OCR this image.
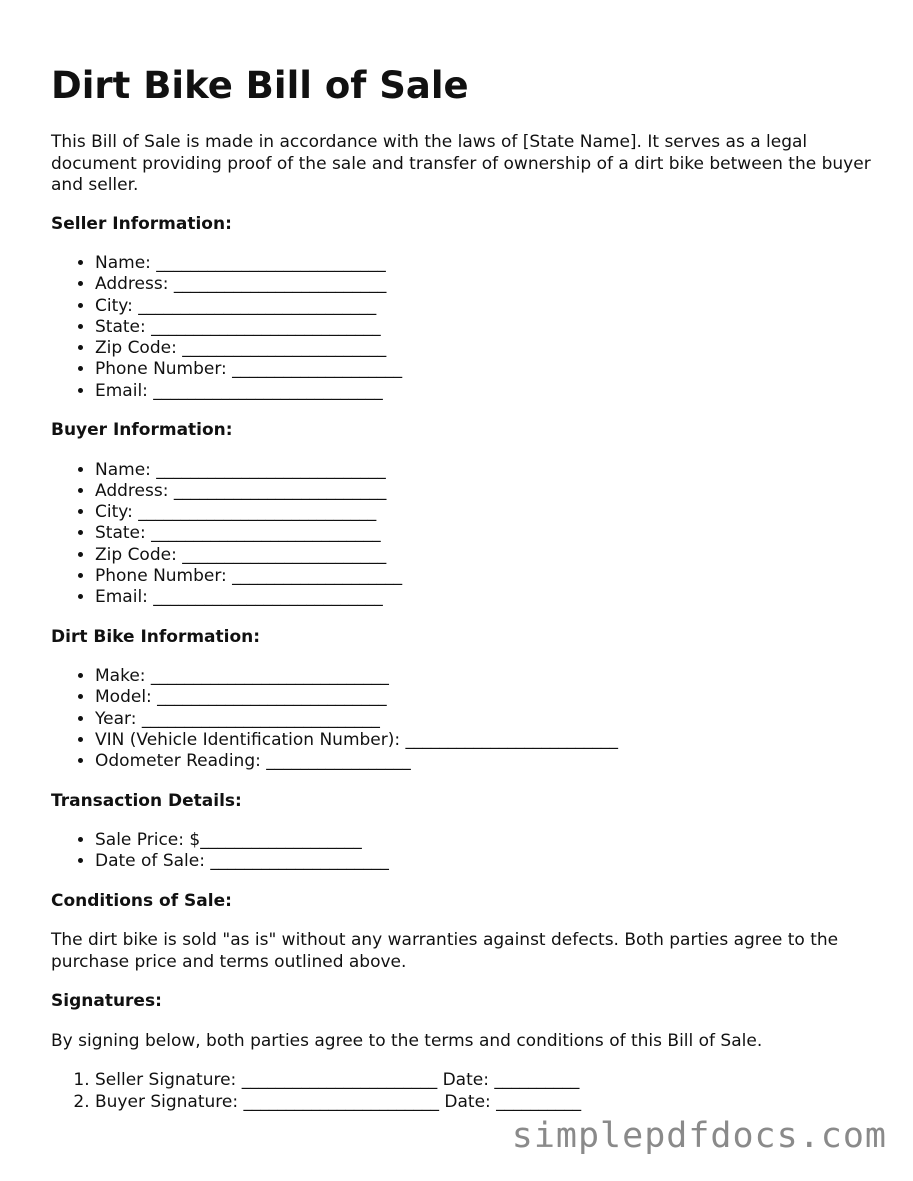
Dirt Bike Bill of Sale

This Bill of Sale is made in accordance with the laws of [State Name]. It serves as a legal document providing proof of the sale and transfer of ownership of a dirt bike between the buyer and seller.

Seller Information:
• Name: ___________________________
• Address: _________________________
• City: ____________________________
• State: ___________________________
• Zip Code: ________________________
• Phone Number: ____________________
• Email: ___________________________
Buyer Information:
• Name: ___________________________
• Address: _________________________
• City: ____________________________
• State: ___________________________
• Zip Code: ________________________
• Phone Number: ____________________
• Email: ___________________________
Dirt Bike Information:
• Make: ____________________________
• Model: ___________________________
• Year: ____________________________
• VIN (Vehicle Identification Number): _________________________
• Odometer Reading: _________________
Transaction Details:
• Sale Price: $___________________
• Date of Sale: _____________________
Conditions of Sale:

The dirt bike is sold "as is" without any warranties against defects. Both parties agree to the purchase price and terms outlined above.

Signatures:

By signing below, both parties agree to the terms and conditions of this Bill of Sale.

1. Seller Signature: _______________________ Date: __________
2. Buyer Signature: _______________________ Date: __________
simplepdfdocs.com
